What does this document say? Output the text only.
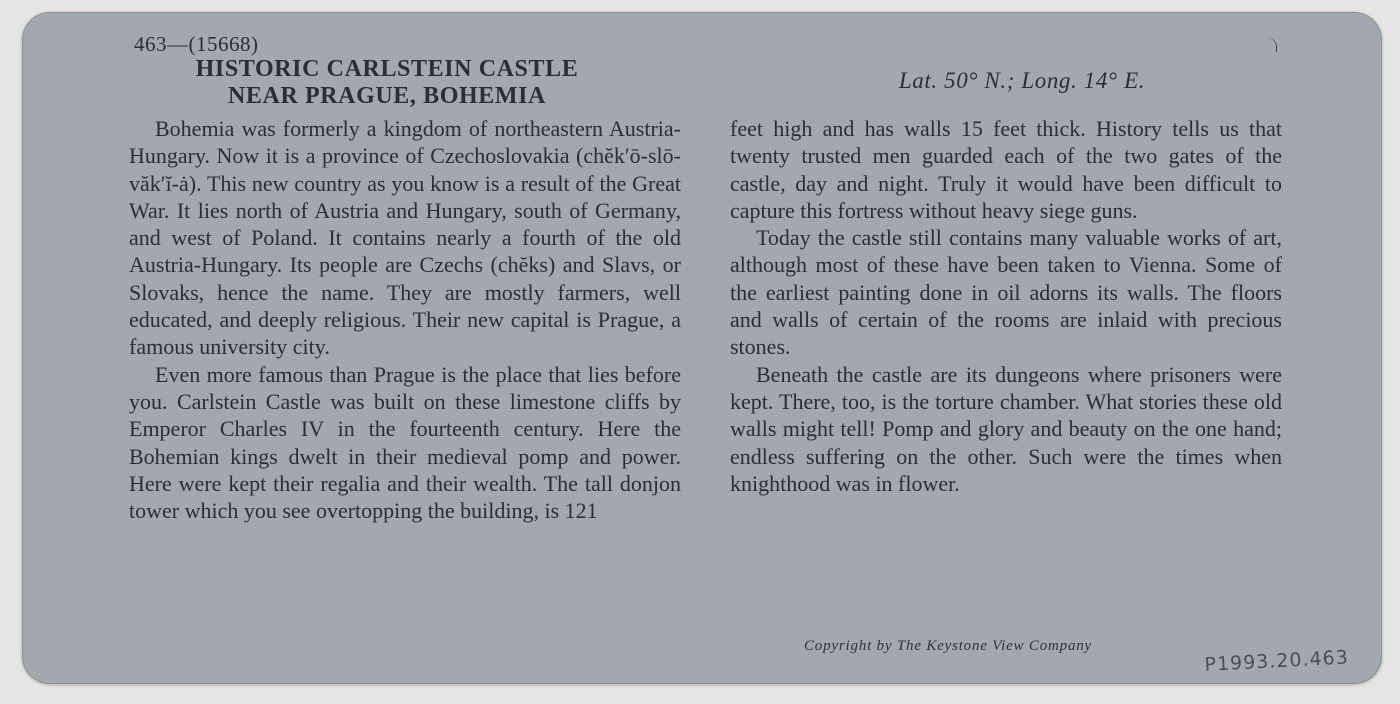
463—(15668)
HISTORIC CARLSTEIN CASTLE
NEAR PRAGUE, BOHEMIA
Lat. 50° N.; Long. 14° E.

Bohemia was formerly a kingdom of northeastern Austria-Hungary. Now it is a province of Czechoslovakia (chĕk′ō-slō-văk′ĭ-ȧ). This new country as you know is a result of the Great War. It lies north of Austria and Hungary, south of Germany, and west of Poland. It contains nearly a fourth of the old Austria-Hungary. Its people are Czechs (chĕks) and Slavs, or Slovaks, hence the name. They are mostly farmers, well educated, and deeply religious. Their new capital is Prague, a famous university city.

Even more famous than Prague is the place that lies before you. Carlstein Castle was built on these limestone cliffs by Emperor Charles IV in the fourteenth century. Here the Bohemian kings dwelt in their medieval pomp and power. Here were kept their regalia and their wealth. The tall donjon tower which you see overtopping the building, is 121

feet high and has walls 15 feet thick. History tells us that twenty trusted men guarded each of the two gates of the castle, day and night. Truly it would have been difficult to capture this fortress without heavy siege guns.

Today the castle still contains many valuable works of art, although most of these have been taken to Vienna. Some of the earliest painting done in oil adorns its walls. The floors and walls of certain of the rooms are inlaid with precious stones.

Beneath the castle are its dungeons where prisoners were kept. There, too, is the torture chamber. What stories these old walls might tell! Pomp and glory and beauty on the one hand; endless suffering on the other. Such were the times when knighthood was in flower.

Copyright by The Keystone View Company
P1993.20.463
